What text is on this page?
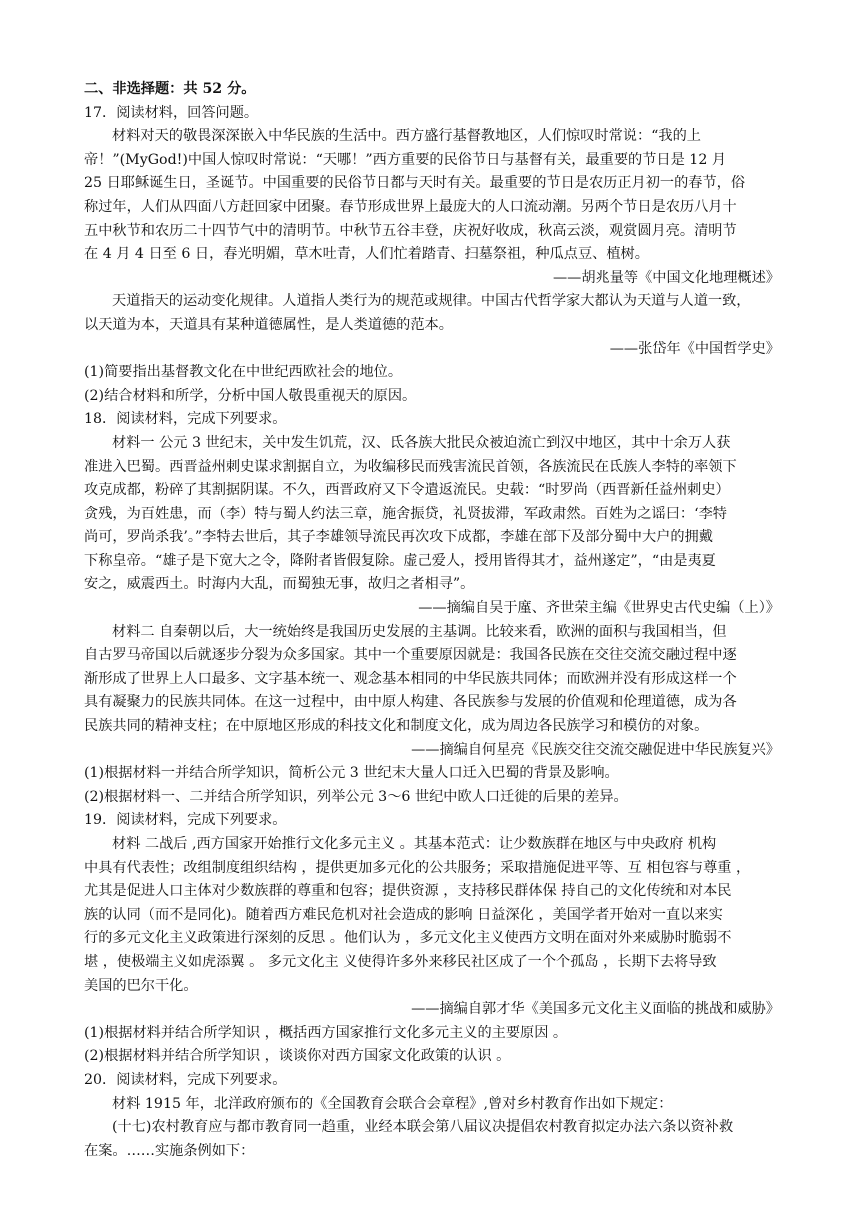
二、非选择题：共 52 分。
17．阅读材料，回答问题。
材料对天的敬畏深深嵌入中华民族的生活中。西方盛行基督教地区，人们惊叹时常说：“我的上
帝！”(MyGod!)中国人惊叹时常说：“天哪！”西方重要的民俗节日与基督有关，最重要的节日是 12 月
25 日耶稣诞生日，圣诞节。中国重要的民俗节日都与天时有关。最重要的节日是农历正月初一的春节，俗
称过年，人们从四面八方赶回家中团聚。春节形成世界上最庞大的人口流动潮。另两个节日是农历八月十
五中秋节和农历二十四节气中的清明节。中秋节五谷丰登，庆祝好收成，秋高云淡，观赏圆月亮。清明节
在 4 月 4 日至 6 日，春光明媚，草木吐青，人们忙着踏青、扫墓祭祖，种瓜点豆、植树。
——胡兆量等《中国文化地理概述》
天道指天的运动变化规律。人道指人类行为的规范或规律。中国古代哲学家大都认为天道与人道一致，
以天道为本，天道具有某种道德属性，是人类道德的范本。
——张岱年《中国哲学史》
(1)简要指出基督教文化在中世纪西欧社会的地位。
(2)结合材料和所学，分析中国人敬畏重视天的原因。
18．阅读材料，完成下列要求。
材料一 公元 3 世纪末，关中发生饥荒，汉、氐各族大批民众被迫流亡到汉中地区，其中十余万人获
准进入巴蜀。西晋益州刺史谋求割据自立，为收编移民而残害流民首领，各族流民在氐族人李特的率领下
攻克成都，粉碎了其割据阴谋。不久，西晋政府又下令遣返流民。史载：“时罗尚（西晋新任益州刺史）
贪残，为百姓患，而（李）特与蜀人约法三章，施舍振贷，礼贤拔滞，军政肃然。百姓为之谣曰：‘李特
尚可，罗尚杀我’。”李特去世后，其子李雄领导流民再次攻下成都，李雄在部下及部分蜀中大户的拥戴
下称皇帝。“雄子是下宽大之令，降附者皆假复除。虚己爱人，授用皆得其才，益州遂定”，“由是夷夏
安之，威震西土。时海内大乱，而蜀独无事，故归之者相寻”。
——摘编自吴于廑、齐世荣主编《世界史古代史编（上）》
材料二 自秦朝以后，大一统始终是我国历史发展的主基调。比较来看，欧洲的面积与我国相当，但
自古罗马帝国以后就逐步分裂为众多国家。其中一个重要原因就是：我国各民族在交往交流交融过程中逐
渐形成了世界上人口最多、文字基本统一、观念基本相同的中华民族共同体；而欧洲并没有形成这样一个
具有凝聚力的民族共同体。在这一过程中，由中原人构建、各民族参与发展的价值观和伦理道德，成为各
民族共同的精神支柱；在中原地区形成的科技文化和制度文化，成为周边各民族学习和模仿的对象。
——摘编自何星亮《民族交往交流交融促进中华民族复兴》
(1)根据材料一并结合所学知识，简析公元 3 世纪末大量人口迁入巴蜀的背景及影响。
(2)根据材料一、二并结合所学知识，列举公元 3～6 世纪中欧人口迁徙的后果的差异。
19．阅读材料，完成下列要求。
材料 二战后 ,西方国家开始推行文化多元主义 。其基本范式：让少数族群在地区与中央政府 机构
中具有代表性；改组制度组织结构 ，提供更加多元化的公共服务；采取措施促进平等、互 相包容与尊重 ，
尤其是促进人口主体对少数族群的尊重和包容；提供资源 ，支持移民群体保 持自己的文化传统和对本民
族的认同（而不是同化)。随着西方难民危机对社会造成的影响 日益深化 ，美国学者开始对一直以来实
行的多元文化主义政策进行深刻的反思 。他们认为 ，多元文化主义使西方文明在面对外来威胁时脆弱不
堪 ，使极端主义如虎添翼 。 多元文化主 义使得许多外来移民社区成了一个个孤岛 ，长期下去将导致
美国的巴尔干化。
——摘编自郭才华《美国多元文化主义面临的挑战和威胁》
(1)根据材料并结合所学知识 ，概括西方国家推行文化多元主义的主要原因 。
(2)根据材料并结合所学知识 ，谈谈你对西方国家文化政策的认识 。
20．阅读材料，完成下列要求。
材料 1915 年，北洋政府颁布的《全国教育会联合会章程》,曾对乡村教育作出如下规定：
(十七)农村教育应与都市教育同一趋重，业经本联会第八届议决提倡农村教育拟定办法六条以资补救
在案。……实施条例如下：
